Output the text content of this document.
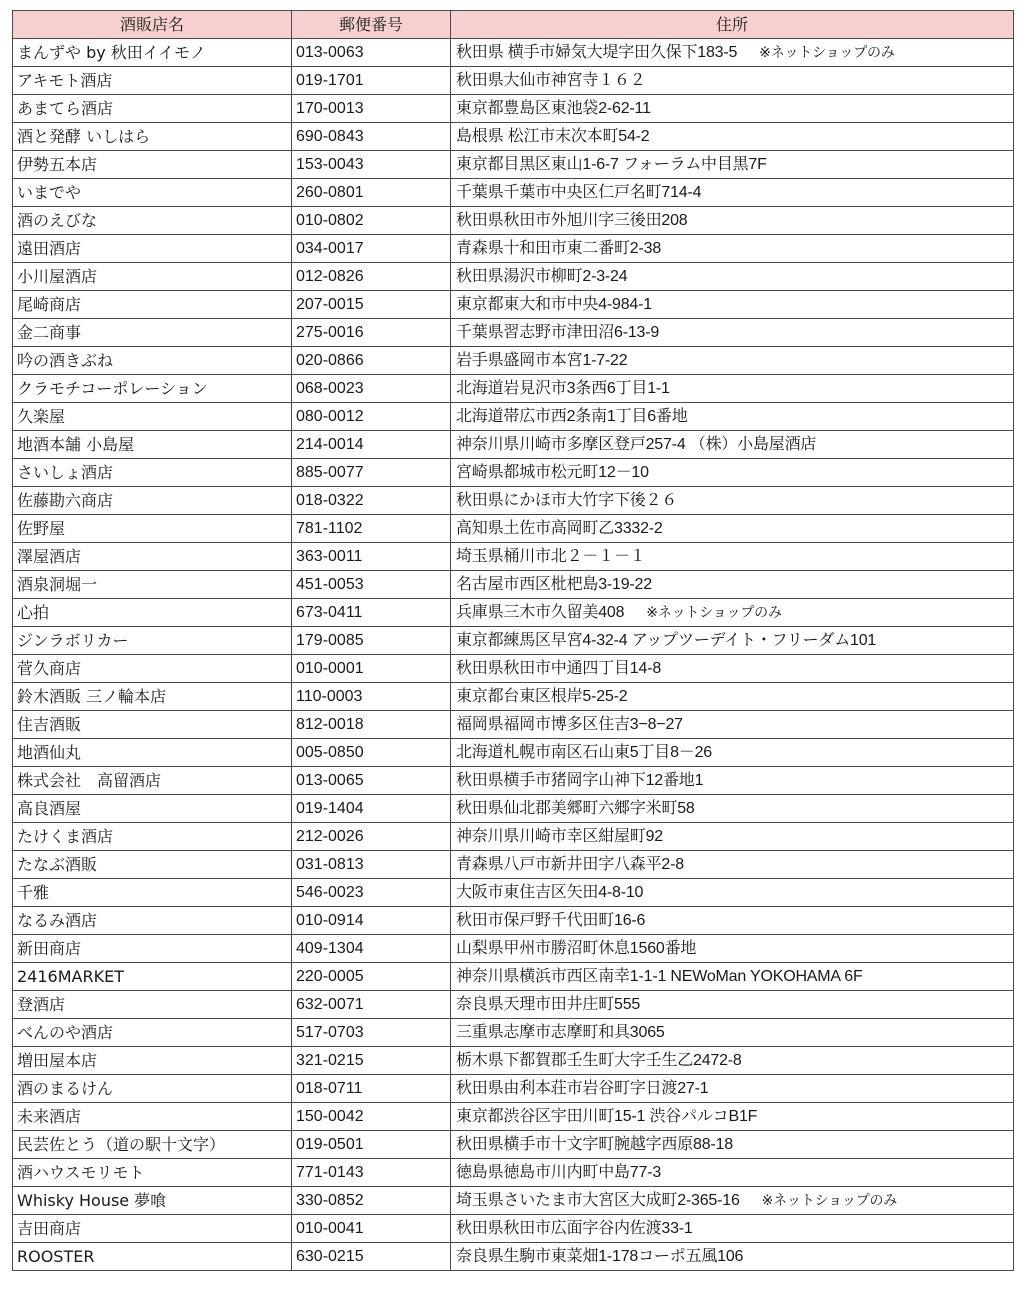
酒販店名	郵便番号	住所
まんずや by 秋田イイモノ	013-0063	秋田県 横手市婦気大堤字田久保下183-5 ※ネットショップのみ
アキモト酒店	019-1701	秋田県大仙市神宮寺１６２
あまてら酒店	170-0013	東京都豊島区東池袋2-62-11
酒と発酵 いしはら	690-0843	島根県 松江市末次本町54-2
伊勢五本店	153-0043	東京都目黒区東山1-6-7 フォーラム中目黒7F
いまでや	260-0801	千葉県千葉市中央区仁戸名町714-4
酒のえびな	010-0802	秋田県秋田市外旭川字三後田208
遠田酒店	034-0017	青森県十和田市東二番町2-38
小川屋酒店	012-0826	秋田県湯沢市柳町2-3-24
尾崎商店	207-0015	東京都東大和市中央4-984-1
金二商事	275-0016	千葉県習志野市津田沼6-13-9
吟の酒きぶね	020-0866	岩手県盛岡市本宮1-7-22
クラモチコーポレーション	068-0023	北海道岩見沢市3条西6丁目1-1
久楽屋	080-0012	北海道帯広市西2条南1丁目6番地
地酒本舗 小島屋	214-0014	神奈川県川崎市多摩区登戸257-4 （株）小島屋酒店
さいしょ酒店	885-0077	宮崎県都城市松元町12－10
佐藤勘六商店	018-0322	秋田県にかほ市大竹字下後２６
佐野屋	781-1102	高知県土佐市高岡町乙3332-2
澤屋酒店	363-0011	埼玉県桶川市北２－１－１
酒泉洞堀一	451-0053	名古屋市西区枇杷島3-19-22
心拍	673-0411	兵庫県三木市久留美408 ※ネットショップのみ
ジンラボリカー	179-0085	東京都練馬区早宮4-32-4 アップツーデイト・フリーダム101
菅久商店	010-0001	秋田県秋田市中通四丁目14-8
鈴木酒販 三ノ輪本店	110-0003	東京都台東区根岸5-25-2
住吉酒販	812-0018	福岡県福岡市博多区住吉3−8−27
地酒仙丸	005-0850	北海道札幌市南区石山東5丁目8－26
株式会社　高留酒店	013-0065	秋田県横手市猪岡字山神下12番地1
高良酒屋	019-1404	秋田県仙北郡美郷町六郷字米町58
たけくま酒店	212-0026	神奈川県川崎市幸区紺屋町92
たなぶ酒販	031-0813	青森県八戸市新井田字八森平2-8
千雅	546-0023	大阪市東住吉区矢田4-8-10
なるみ酒店	010-0914	秋田市保戸野千代田町16-6
新田商店	409-1304	山梨県甲州市勝沼町休息1560番地
2416MARKET	220-0005	神奈川県横浜市西区南幸1-1-1 NEWoMan YOKOHAMA 6F
登酒店	632-0071	奈良県天理市田井庄町555
べんのや酒店	517-0703	三重県志摩市志摩町和具3065
増田屋本店	321-0215	栃木県下都賀郡壬生町大字壬生乙2472-8
酒のまるけん	018-0711	秋田県由利本荘市岩谷町字日渡27-1
未来酒店	150-0042	東京都渋谷区宇田川町15-1 渋谷パルコB1F
民芸佐とう（道の駅十文字）	019-0501	秋田県横手市十文字町腕越字西原88-18
酒ハウスモリモト	771-0143	徳島県徳島市川内町中島77-3
Whisky House 夢喰	330-0852	埼玉県さいたま市大宮区大成町2-365-16 ※ネットショップのみ
吉田商店	010-0041	秋田県秋田市広面字谷内佐渡33-1
ROOSTER	630-0215	奈良県生駒市東菜畑1-178コーポ五風106
